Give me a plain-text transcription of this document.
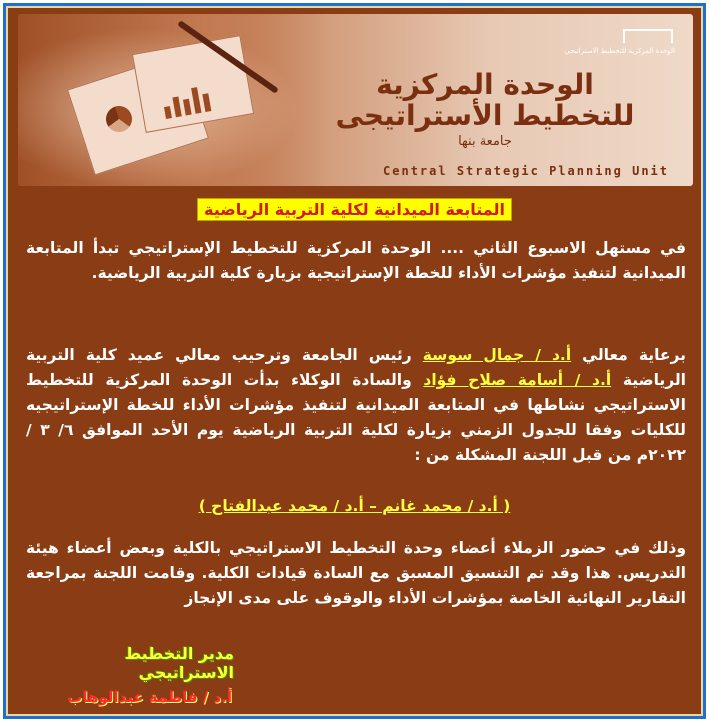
الوحدة المركزية للتخطيط الاستراتيجى
الوحدة المركزية
للتخطيط الأستراتيجى
جامعة بنها
Central Strategic Planning Unit
المتابعة الميدانية لكلية التربية الرياضية

في مستهل الاسبوع الثاني .... الوحدة المركزية للتخطيط الإستراتيجي تبدأ المتابعة الميدانية لتنفيذ مؤشرات الأداء للخطة الإستراتيجية بزيارة كلية التربية الرياضية.

برعاية معالي أ.د / جمال سوسة رئيس الجامعة وترحيب معالي عميد كلية التربية الرياضية أ.د / أسامة صلاح فؤاد والسادة الوكلاء بدأت الوحدة المركزية للتخطيط الاستراتيجي نشاطها في المتابعة الميدانية لتنفيذ مؤشرات الأداء للخطة الإستراتيجيه للكليات وفقا للجدول الزمني بزيارة لكلية التربية الرياضية يوم الأحد الموافق ٦/ ٣ /٢٠٢٢م من قبل اللجنة المشكلة من :

( أ.د / محمد غانم – أ.د / محمد عبدالفتاح )

وذلك في حضور الزملاء أعضاء وحدة التخطيط الاستراتيجي بالكلية وبعض أعضاء هيئة التدريس. هذا وقد تم التنسيق المسبق مع السادة قيادات الكلية. وقامت اللجنة بمراجعة التقارير النهائية الخاصة بمؤشرات الأداء والوقوف على مدى الإنجاز

مدير التخطيط الاستراتيجي
أ.د / فاطمة عبدالوهاب
